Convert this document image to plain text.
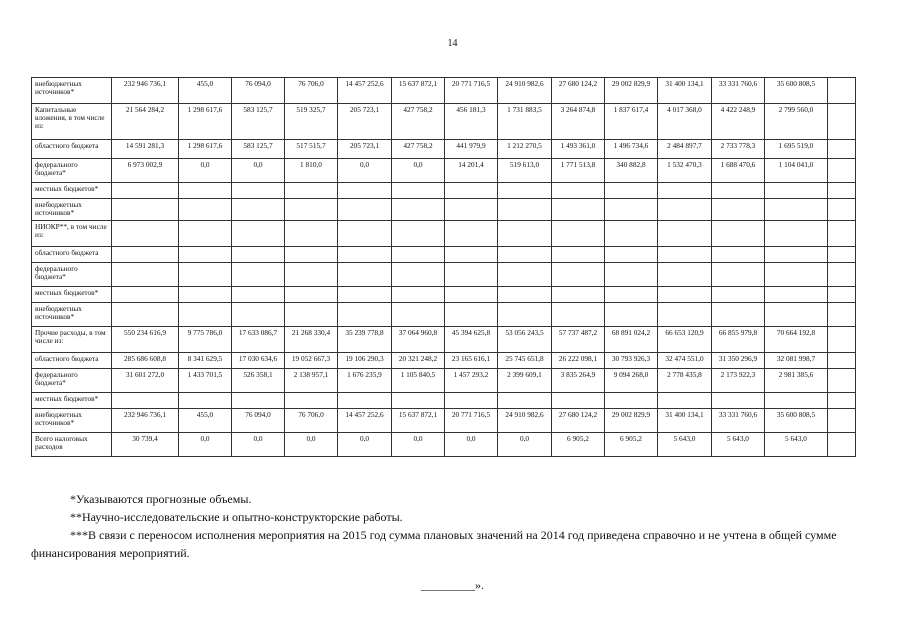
14
внебюджетных источников*	232 946 736,1	455,0	76 094,0	76 706,0	14 457 252,6	15 637 872,1	20 771 716,5	24 910 982,6	27 680 124,2	29 002 829,9	31 400 134,1	33 331 760,6	35 600 808,5	
Капитальные вложения, в том числе из:	21 564 284,2	1 298 617,6	583 125,7	519 325,7	205 723,1	427 758,2	456 181,3	1 731 883,5	3 264 874,8	1 837 617,4	4 017 368,0	4 422 248,9	2 799 560,0	
областного бюджета	14 591 281,3	1 298 617,6	583 125,7	517 515,7	205 723,1	427 758,2	441 979,9	1 212 270,5	1 493 361,0	1 496 734,6	2 484 897,7	2 733 778,3	1 695 519,0	
федерального бюджета*	6 973 002,9	0,0	0,0	1 810,0	0,0	0,0	14 201,4	519 613,0	1 771 513,8	340 882,8	1 532 470,3	1 688 470,6	1 104 041,0	
местных бюджетов*														
внебюджетных источников*														
НИОКР**, в том числе из:														
областного бюджета														
федерального бюджета*														
местных бюджетов*														
внебюджетных источников*														
Прочие расходы, в том числе из:	550 234 616,9	9 775 786,0	17 633 086,7	21 268 330,4	35 239 778,8	37 064 960,8	45 394 625,8	53 056 243,5	57 737 487,2	68 891 024,2	66 653 120,9	66 855 979,8	70 664 192,8	
областного бюджета	285 686 608,8	8 341 629,5	17 030 634,6	19 052 667,3	19 106 290,3	20 321 248,2	23 165 616,1	25 745 651,8	26 222 098,1	30 793 926,3	32 474 551,0	31 350 296,9	32 081 998,7	
федерального бюджета*	31 601 272,0	1 433 701,5	526 358,1	2 138 957,1	1 676 235,9	1 105 840,5	1 457 293,2	2 399 609,1	3 835 264,9	9 094 268,0	2 778 435,8	2 173 922,3	2 981 385,6	
местных бюджетов*														
внебюджетных источников*	232 946 736,1	455,0	76 094,0	76 706,0	14 457 252,6	15 637 872,1	20 771 716,5	24 910 982,6	27 680 124,2	29 002 829,9	31 400 134,1	33 331 760,6	35 600 808,5	
Всего налоговых расходов	30 739,4	0,0	0,0	0,0	0,0	0,0	0,0	0,0	6 905,2	6 905,2	5 643,0	5 643,0	5 643,0	

*Указываются прогнозные объемы.

**Научно-исследовательские и опытно-конструкторские работы.

***В связи с переносом исполнения мероприятия на 2015 год сумма плановых значений на 2014 год приведена справочно и не учтена в общей сумме финансирования мероприятий.

_________».
